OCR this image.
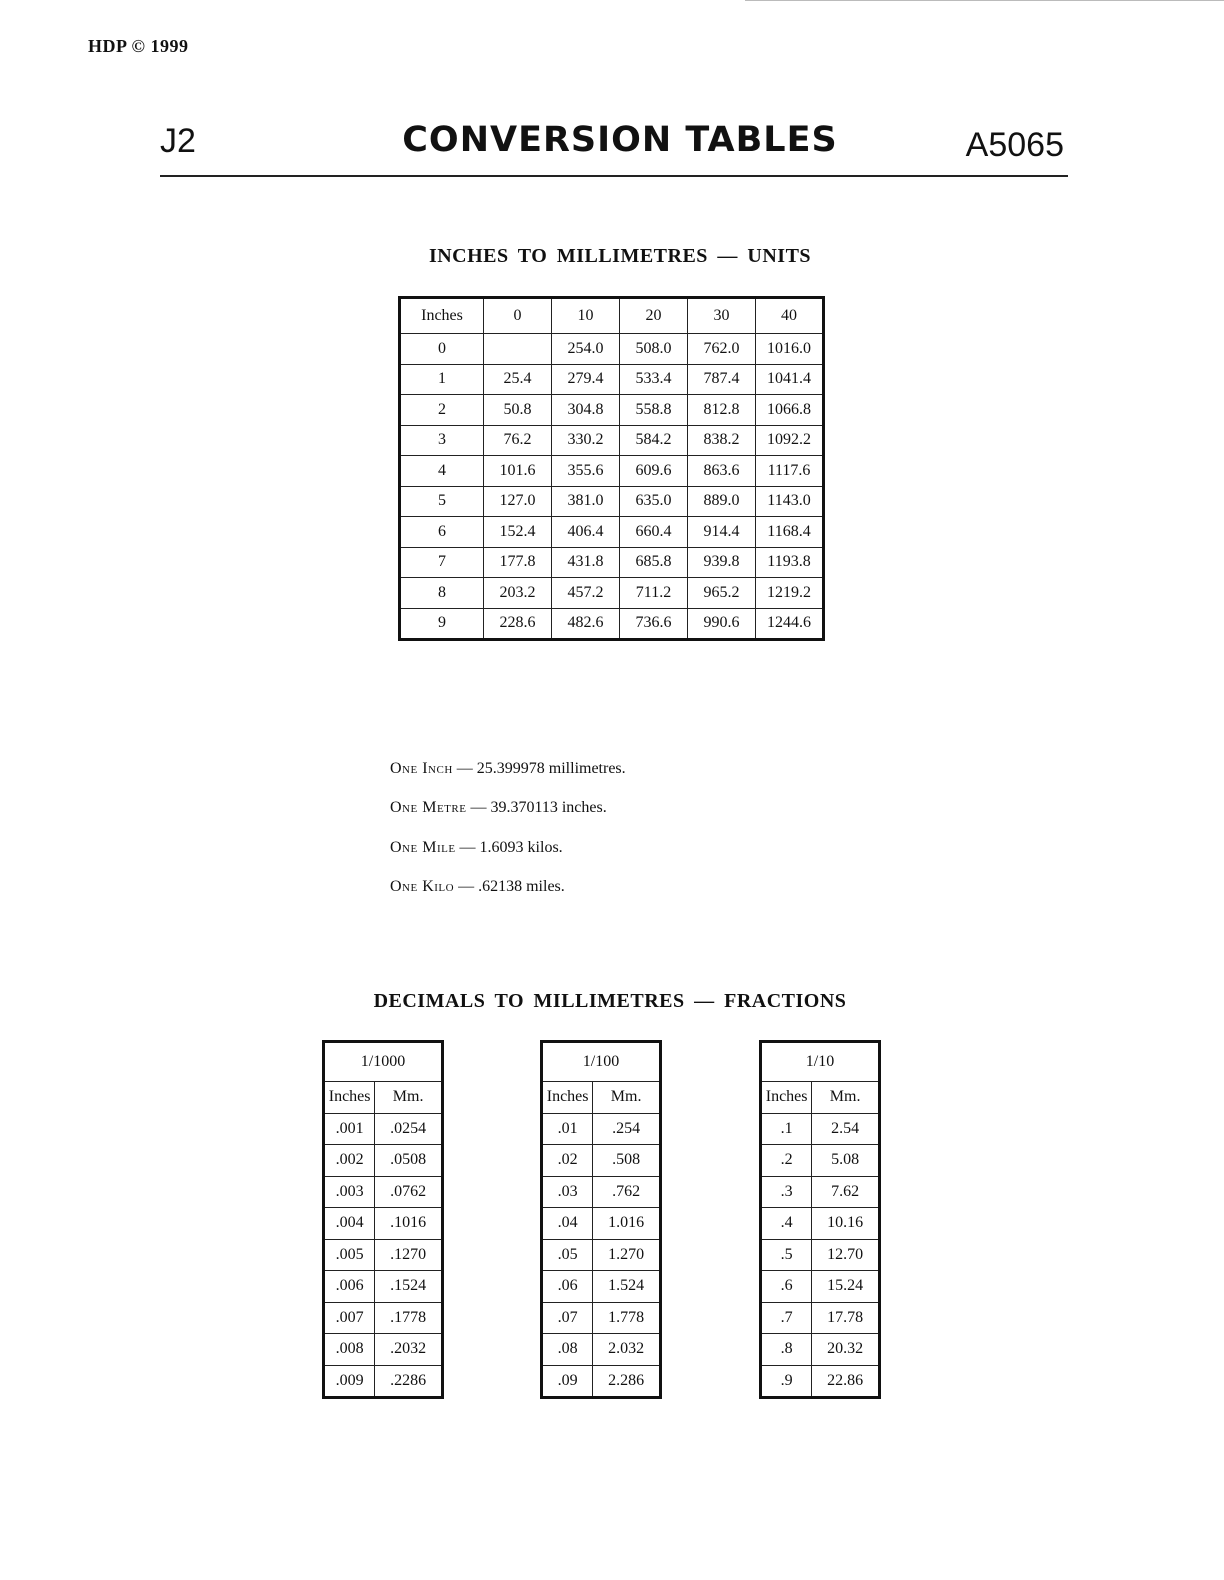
HDP © 1999
J2	CONVERSION TABLES	A5065
INCHES TO MILLIMETRES — UNITS
Inches	0	10	20	30	40
0		254.0	508.0	762.0	1016.0
1	25.4	279.4	533.4	787.4	1041.4
2	50.8	304.8	558.8	812.8	1066.8
3	76.2	330.2	584.2	838.2	1092.2
4	101.6	355.6	609.6	863.6	1117.6
5	127.0	381.0	635.0	889.0	1143.0
6	152.4	406.4	660.4	914.4	1168.4
7	177.8	431.8	685.8	939.8	1193.8
8	203.2	457.2	711.2	965.2	1219.2
9	228.6	482.6	736.6	990.6	1244.6
One Inch — 25.399978 millimetres.
One Metre — 39.370113 inches.
One Mile — 1.6093 kilos.
One Kilo — .62138 miles.
DECIMALS TO MILLIMETRES — FRACTIONS
1/1000	
Inches	Mm.
.001	.0254
.002	.0508
.003	.0762
.004	.1016
.005	.1270
.006	.1524
.007	.1778
.008	.2032
.009	.2286
1/100	
Inches	Mm.
.01	.254
.02	.508
.03	.762
.04	1.016
.05	1.270
.06	1.524
.07	1.778
.08	2.032
.09	2.286
1/10	
Inches	Mm.
.1	2.54
.2	5.08
.3	7.62
.4	10.16
.5	12.70
.6	15.24
.7	17.78
.8	20.32
.9	22.86
